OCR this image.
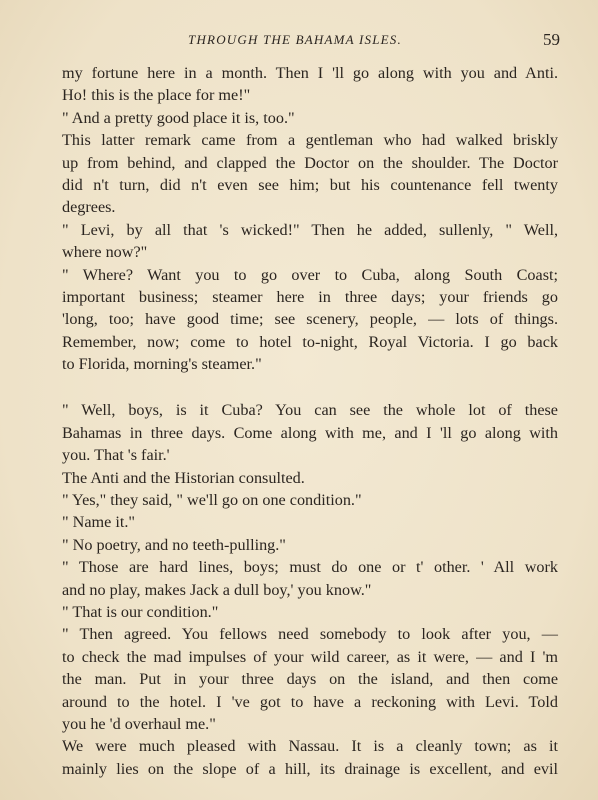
THROUGH THE BAHAMA ISLES.	59
my fortune here in a month. Then I 'll go along with you and Anti.
Ho! this is the place for me!"
" And a pretty good place it is, too."
This latter remark came from a gentleman who had walked briskly
up from behind, and clapped the Doctor on the shoulder. The Doctor
did n't turn, did n't even see him; but his countenance fell twenty
degrees.
" Levi, by all that 's wicked!" Then he added, sullenly, " Well,
where now?"
" Where? Want you to go over to Cuba, along South Coast;
important business; steamer here in three days; your friends go
'long, too; have good time; see scenery, people, — lots of things.
Remember, now; come to hotel to-night, Royal Victoria. I go back
to Florida, morning's steamer."
" Well, boys, is it Cuba? You can see the whole lot of these
Bahamas in three days. Come along with me, and I 'll go along with
you. That 's fair.'
The Anti and the Historian consulted.
" Yes," they said, " we'll go on one condition."
" Name it."
" No poetry, and no teeth-pulling."
" Those are hard lines, boys; must do one or t' other. ' All work
and no play, makes Jack a dull boy,' you know."
" That is our condition."
" Then agreed. You fellows need somebody to look after you, —
to check the mad impulses of your wild career, as it were, — and I 'm
the man. Put in your three days on the island, and then come
around to the hotel. I 've got to have a reckoning with Levi. Told
you he 'd overhaul me."
We were much pleased with Nassau. It is a cleanly town; as it
mainly lies on the slope of a hill, its drainage is excellent, and evil
